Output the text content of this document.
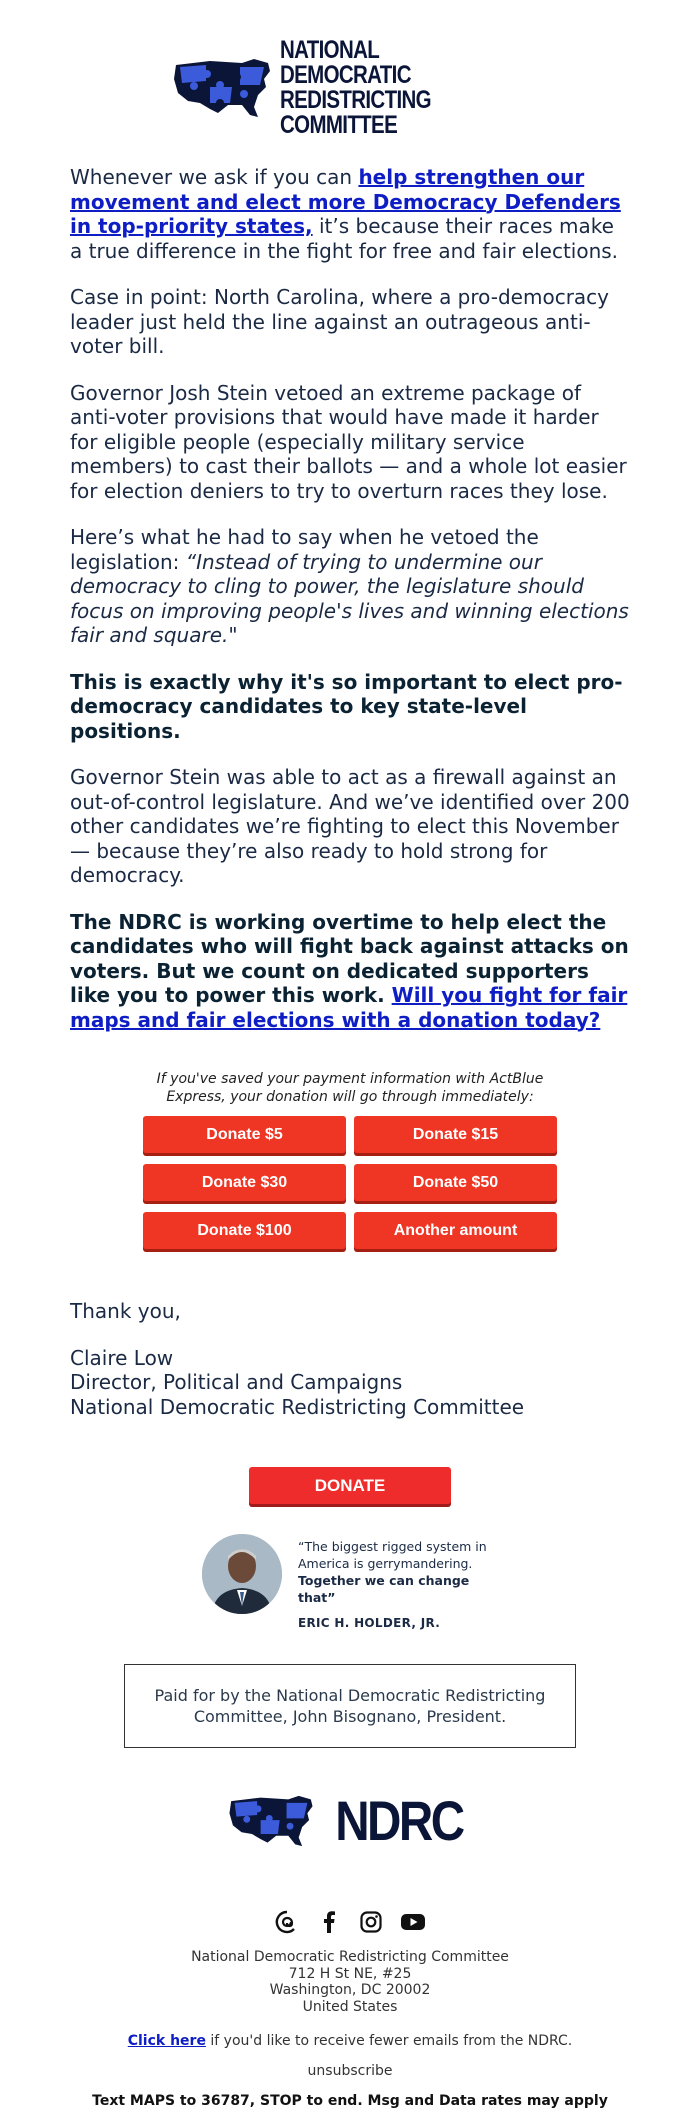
NATIONAL DEMOCRATIC
REDISTRICTING COMMITTEE

Whenever we ask if you can help strengthen our movement and elect more Democracy Defenders in top-priority states, it’s because their races make a true difference in the fight for free and fair elections.

Case in point: North Carolina, where a pro-democracy leader just held the line against an outrageous anti-voter bill.

Governor Josh Stein vetoed an extreme package of anti-voter provisions that would have made it harder for eligible people (especially military service members) to cast their ballots — and a whole lot easier for election deniers to try to overturn races they lose.

Here’s what he had to say when he vetoed the legislation: “Instead of trying to undermine our democracy to cling to power, the legislature should focus on improving people's lives and winning elections fair and square."

This is exactly why it's so important to elect pro-democracy candidates to key state-level positions.

Governor Stein was able to act as a firewall against an out-of-control legislature. And we’ve identified over 200 other candidates we’re fighting to elect this November — because they’re also ready to hold strong for democracy.

The NDRC is working overtime to help elect the candidates who will fight back against attacks on voters. But we count on dedicated supporters like you to power this work. Will you fight for fair maps and fair elections with a donation today?

If you've saved your payment information with ActBlue Express, your donation will go through immediately:
Donate $5	Donate $15
Donate $30	Donate $50
Donate $100	Another amount
Thank you,
Claire Low
Director, Political and Campaigns
National Democratic Redistricting Committee
DONATE
“The biggest rigged system in America is gerrymandering.
Together we can change that”
ERIC H. HOLDER, JR.
Paid for by the National Democratic Redistricting Committee, John Bisognano, President.
NDRC
National Democratic Redistricting Committee
712 H St NE, #25
Washington, DC 20002
United States
Click here if you'd like to receive fewer emails from the NDRC.
unsubscribe
Text MAPS to 36787, STOP to end. Msg and Data rates may apply
